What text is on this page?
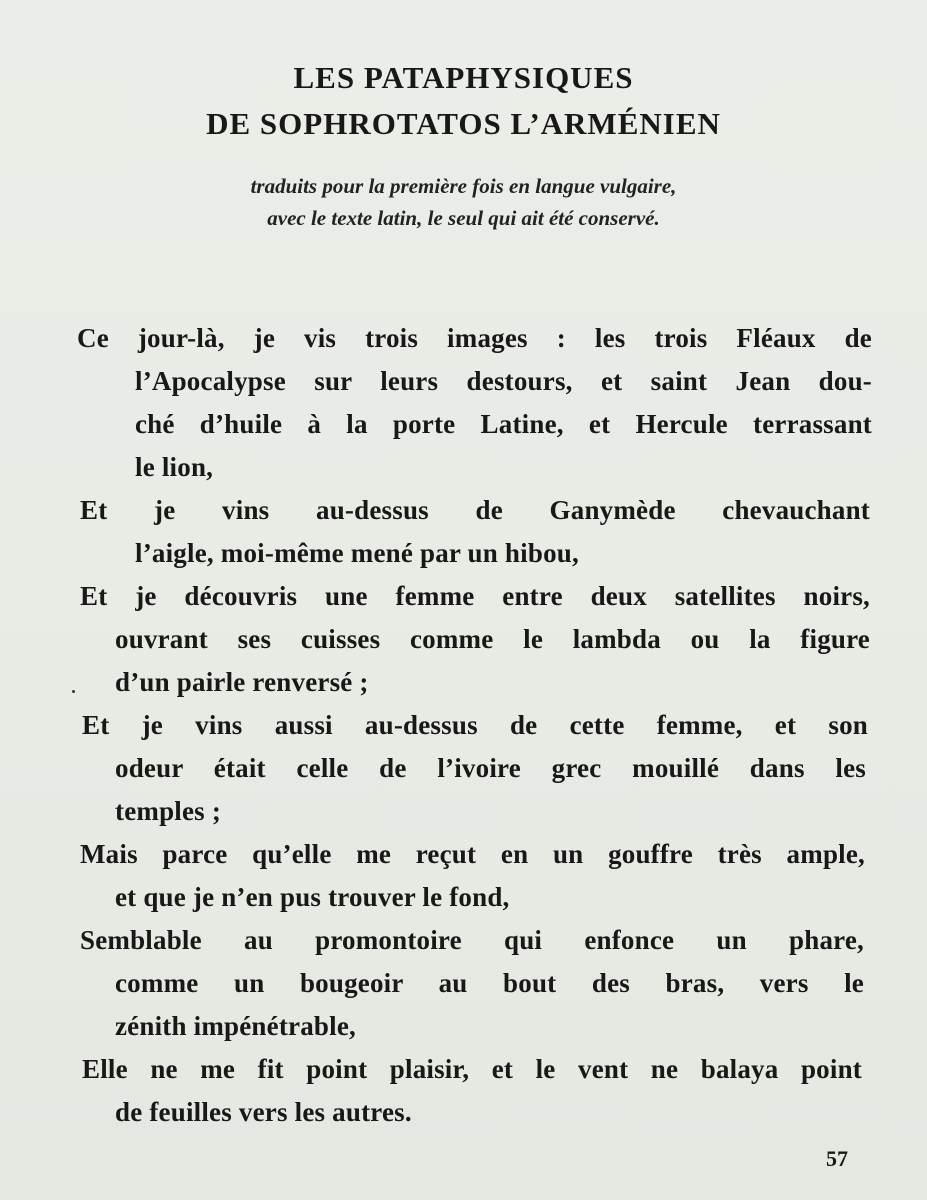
LES PATAPHYSIQUES
DE SOPHROTATOS L’ARMÉNIEN
traduits pour la première fois en langue vulgaire,
avec le texte latin, le seul qui ait été conservé.
Ce jour-là, je vis trois images : les trois Fléaux de
l’Apocalypse sur leurs destours, et saint Jean dou-
ché d’huile à la porte Latine, et Hercule terrassant
le lion,
Et je vins au-dessus de Ganymède chevauchant
l’aigle, moi-même mené par un hibou,
Et je découvris une femme entre deux satellites noirs,
ouvrant ses cuisses comme le lambda ou la figure
d’un pairle renversé ;
Et je vins aussi au-dessus de cette femme, et son
odeur était celle de l’ivoire grec mouillé dans les
temples ;
Mais parce qu’elle me reçut en un gouffre très ample,
et que je n’en pus trouver le fond,
Semblable au promontoire qui enfonce un phare,
comme un bougeoir au bout des bras, vers le
zénith impénétrable,
Elle ne me fit point plaisir, et le vent ne balaya point
de feuilles vers les autres.
57
